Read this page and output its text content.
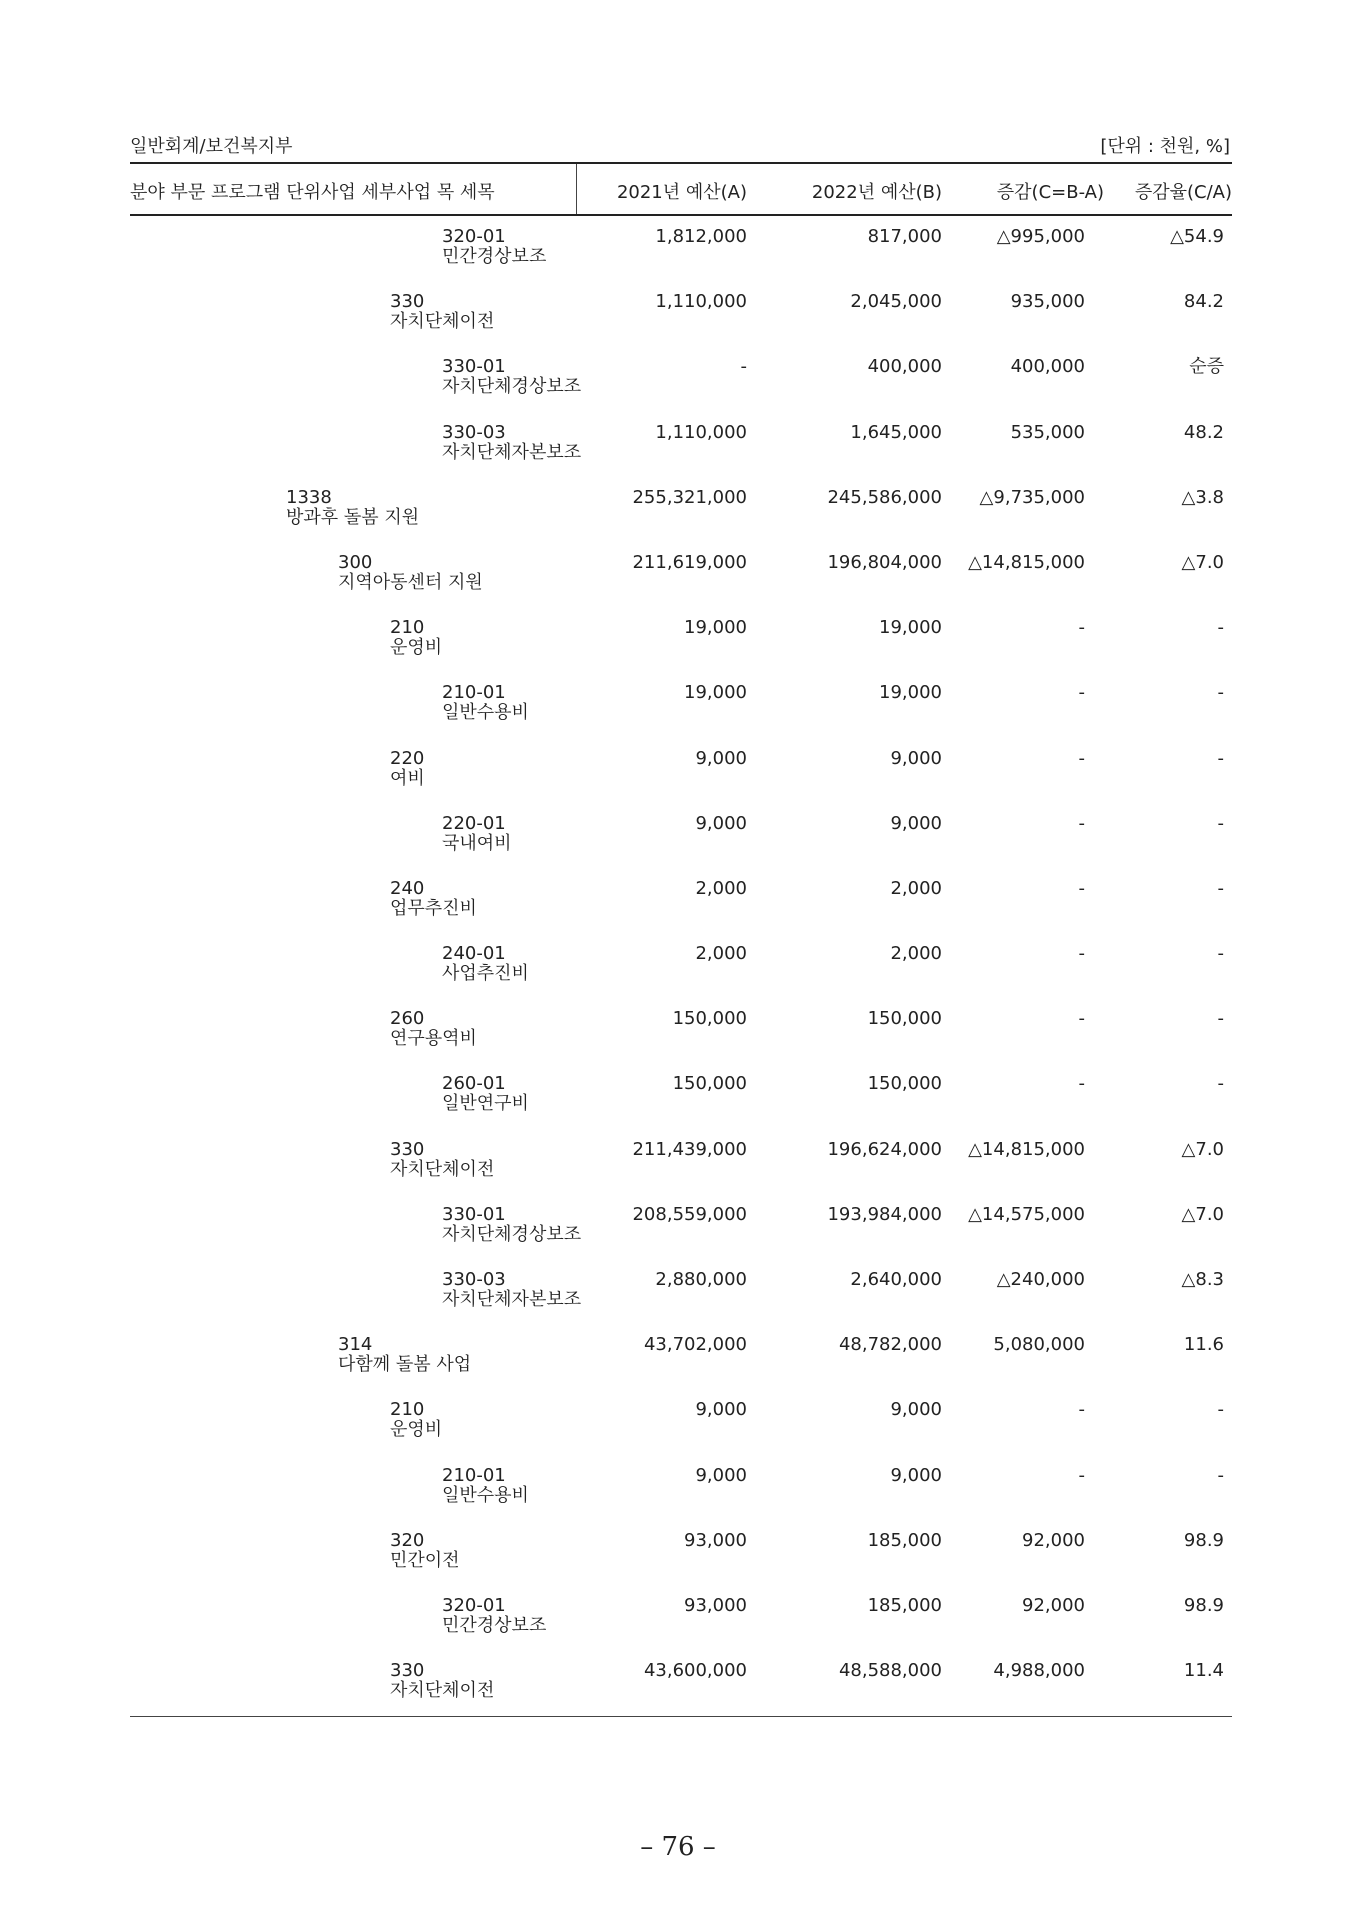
일반회계/보건복지부	[단위 : 천원, %]
분야 부문 프로그램 단위사업 세부사업 목 세목	2021년 예산(A)	2022년 예산(B)	증감(C=B-A) 증감율(C/A)
320-01
민간경상보조
1,812,000	817,000	△995,000	△54.9
330
자치단체이전
1,110,000	2,045,000	935,000	84.2
330-01
자치단체경상보조
-	400,000	400,000	순증
330-03
자치단체자본보조
1,110,000	1,645,000	535,000	48.2
1338
방과후 돌봄 지원
255,321,000	245,586,000 △9,735,000	△3.8
300
지역아동센터 지원
211,619,000	196,804,000 △14,815,000	△7.0
210
운영비
19,000	19,000	-	-
210-01
일반수용비
19,000	19,000	-	-
220
여비
9,000	9,000	-	-
220-01
국내여비
9,000	9,000	-	-
240
업무추진비
2,000	2,000	-	-
240-01
사업추진비
2,000	2,000	-	-
260
연구용역비
150,000	150,000	-	-
260-01
일반연구비
150,000	150,000	-	-
330
자치단체이전
211,439,000	196,624,000 △14,815,000	△7.0
330-01
자치단체경상보조
208,559,000	193,984,000 △14,575,000	△7.0
330-03
자치단체자본보조
2,880,000	2,640,000	△240,000	△8.3
314
다함께 돌봄 사업
43,702,000	48,782,000	5,080,000	11.6
210
운영비
9,000	9,000	-	-
210-01
일반수용비
9,000	9,000	-	-
320
민간이전
93,000	185,000	92,000	98.9
320-01
민간경상보조
93,000	185,000	92,000	98.9
330
자치단체이전
43,600,000	48,588,000	4,988,000	11.4
– 76 –
